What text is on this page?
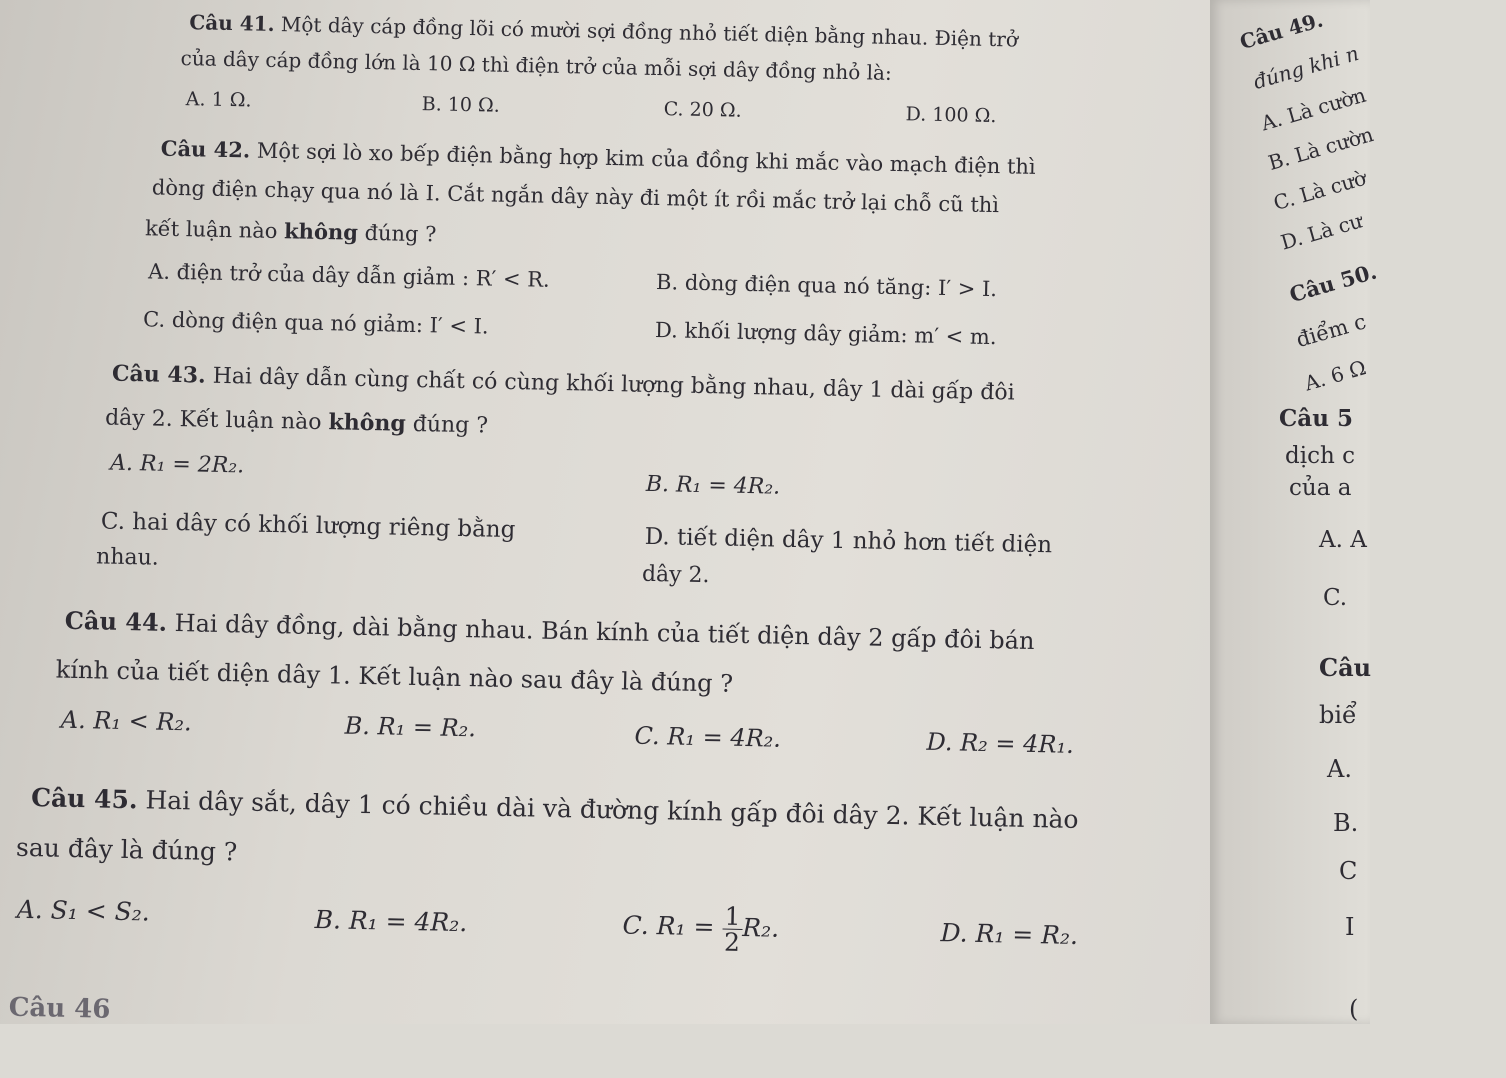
Câu 41. Một dây cáp đồng lõi có mười sợi đồng nhỏ tiết diện bằng nhau. Điện trở
của dây cáp đồng lớn là 10 Ω thì điện trở của mỗi sợi dây đồng nhỏ là:
A. 1 Ω.	B. 10 Ω.	C. 20 Ω.	D. 100 Ω.
Câu 42. Một sợi lò xo bếp điện bằng hợp kim của đồng khi mắc vào mạch điện thì
dòng điện chạy qua nó là I. Cắt ngắn dây này đi một ít rồi mắc trở lại chỗ cũ thì
kết luận nào không đúng ?
A. điện trở của dây dẫn giảm : R′ < R.	B. dòng điện qua nó tăng: I′ > I.
C. dòng điện qua nó giảm: I′ < I.	D. khối lượng dây giảm: m′ < m.
Câu 43. Hai dây dẫn cùng chất có cùng khối lượng bằng nhau, dây 1 dài gấp đôi
dây 2. Kết luận nào không đúng ?
A. R₁ = 2R₂.
B. R₁ = 4R₂.
C. hai dây có khối lượng riêng bằng
nhau.	D. tiết diện dây 1 nhỏ hơn tiết diện
dây 2.
Câu 44. Hai dây đồng, dài bằng nhau. Bán kính của tiết diện dây 2 gấp đôi bán
kính của tiết diện dây 1. Kết luận nào sau đây là đúng ?
A. R₁ < R₂.	B. R₁ = R₂.	C. R₁ = 4R₂.	D. R₂ = 4R₁.
Câu 45. Hai dây sắt, dây 1 có chiều dài và đường kính gấp đôi dây 2. Kết luận nào
sau đây là đúng ?
A. S₁ < S₂.	B. R₁ = 4R₂.	C. $R_1 = \frac{1}{2} R_2$.	D. R₁ = R₂.
Câu 46
Câu 49.
đúng khi n
A. Là cườn
B. Là cườn
C. Là cườ
D. Là cư
Câu 50.
điểm c
A. 6 Ω
Câu 5
dịch c
của a
A. A
C.
Câu
biể
A.
B.
C
I
(
